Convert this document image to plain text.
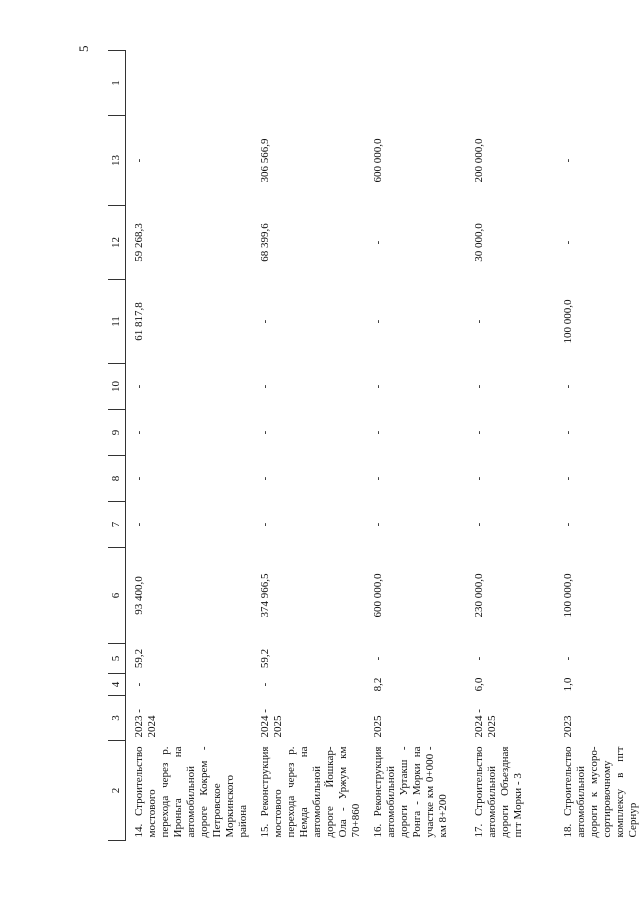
5
2	3	4	5	6	7	8	9	10	11	12	13	1
14. Строительство мостового перехода через р. Ироньга на автомобильной дороге Кокрем - Петровское Моркинского района	2023 - 2024	-	59,2	93 400,0	-	-	-	-	61 817,8	59 268,3	-	
15. Реконструкция мостового перехода через р. Немда на автомобильной дороге Йошкар-Ола - Уржум км 70+860	2024 - 2025	-	59,2	374 966,5	-	-	-	-	-	68 399,6	306 566,9	
16. Реконструкция автомобильной дороги Уртакш - Ронга - Морки на участке км 0+000 - км 8+200	2025	8,2	-	600 000,0	-	-	-	-	-	-	600 000,0	
17. Строительство автомобильной дороги Объездная пгт Морки - 3	2024 - 2025	6,0	-	230 000,0	-	-	-	-	-	30 000,0	200 000,0	
18. Строительство автомобильной дороги к мусоро-сортировочному комплексу в пгт Сернур	2023	1,0	-	100 000,0	-	-	-	-	100 000,0	-	-	
